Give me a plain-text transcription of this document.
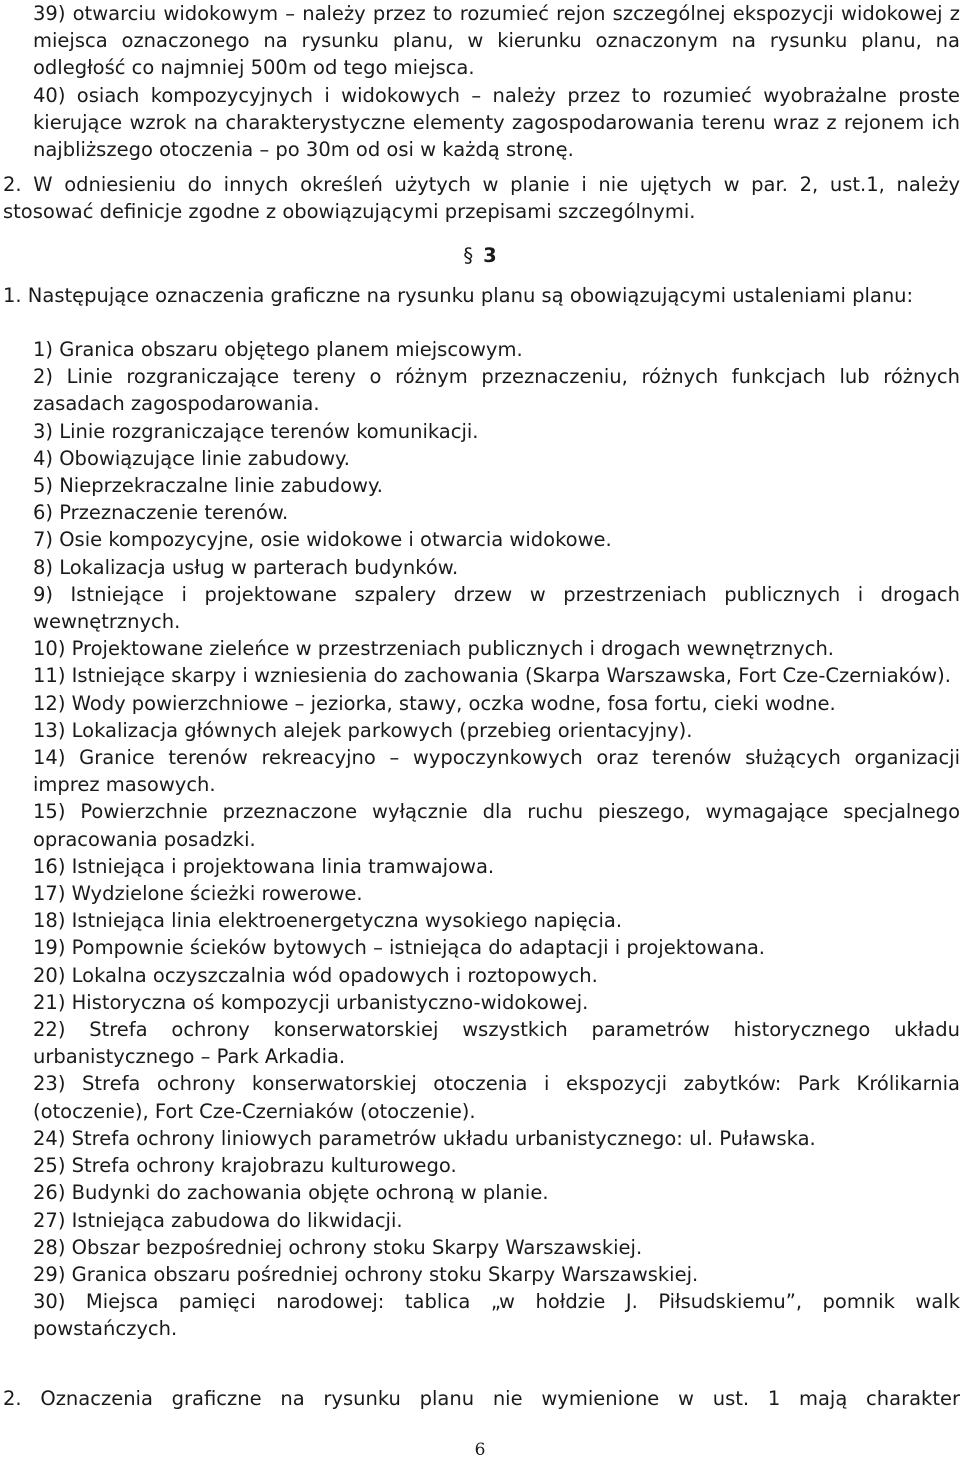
39) otwarciu widokowym – należy przez to rozumieć rejon szczególnej ekspozycji widokowej z miejsca oznaczonego na rysunku planu, w kierunku oznaczonym na rysunku planu, na odległość co najmniej 500m od tego miejsca.

40) osiach kompozycyjnych i widokowych – należy przez to rozumieć wyobrażalne proste kierujące wzrok na charakterystyczne elementy zagospodarowania terenu wraz z rejonem ich najbliższego otoczenia – po 30m od osi w każdą stronę.

2. W odniesieniu do innych określeń użytych w planie i nie ujętych w par. 2, ust.1, należy stosować definicje zgodne z obowiązującymi przepisami szczególnymi.

§ 3

1. Następujące oznaczenia graficzne na rysunku planu są obowiązującymi ustaleniami planu:

1) Granica obszaru objętego planem miejscowym.

2) Linie rozgraniczające tereny o różnym przeznaczeniu, różnych funkcjach lub różnych zasadach zagospodarowania.

3) Linie rozgraniczające terenów komunikacji.

4) Obowiązujące linie zabudowy.

5) Nieprzekraczalne linie zabudowy.

6) Przeznaczenie terenów.

7) Osie kompozycyjne, osie widokowe i otwarcia widokowe.

8) Lokalizacja usług w parterach budynków.

9) Istniejące i projektowane szpalery drzew w przestrzeniach publicznych i drogach wewnętrznych.

10) Projektowane zieleńce w przestrzeniach publicznych i drogach wewnętrznych.

11) Istniejące skarpy i wzniesienia do zachowania (Skarpa Warszawska, Fort Cze-Czerniaków).

12) Wody powierzchniowe – jeziorka, stawy, oczka wodne, fosa fortu, cieki wodne.

13) Lokalizacja głównych alejek parkowych (przebieg orientacyjny).

14) Granice terenów rekreacyjno – wypoczynkowych oraz terenów służących organizacji imprez masowych.

15) Powierzchnie przeznaczone wyłącznie dla ruchu pieszego, wymagające specjalnego opracowania posadzki.

16) Istniejąca i projektowana linia tramwajowa.

17) Wydzielone ścieżki rowerowe.

18) Istniejąca linia elektroenergetyczna wysokiego napięcia.

19) Pompownie ścieków bytowych – istniejąca do adaptacji i projektowana.

20) Lokalna oczyszczalnia wód opadowych i roztopowych.

21) Historyczna oś kompozycji urbanistyczno-widokowej.

22) Strefa ochrony konserwatorskiej wszystkich parametrów historycznego układu urbanistycznego – Park Arkadia.

23) Strefa ochrony konserwatorskiej otoczenia i ekspozycji zabytków: Park Królikarnia (otoczenie), Fort Cze-Czerniaków (otoczenie).

24) Strefa ochrony liniowych parametrów układu urbanistycznego: ul. Puławska.

25) Strefa ochrony krajobrazu kulturowego.

26) Budynki do zachowania objęte ochroną w planie.

27) Istniejąca zabudowa do likwidacji.

28) Obszar bezpośredniej ochrony stoku Skarpy Warszawskiej.

29) Granica obszaru pośredniej ochrony stoku Skarpy Warszawskiej.

30) Miejsca pamięci narodowej: tablica „w hołdzie J. Piłsudskiemu”, pomnik walk powstańczych.

2. Oznaczenia graficzne na rysunku planu nie wymienione w ust. 1 mają charakter
6
